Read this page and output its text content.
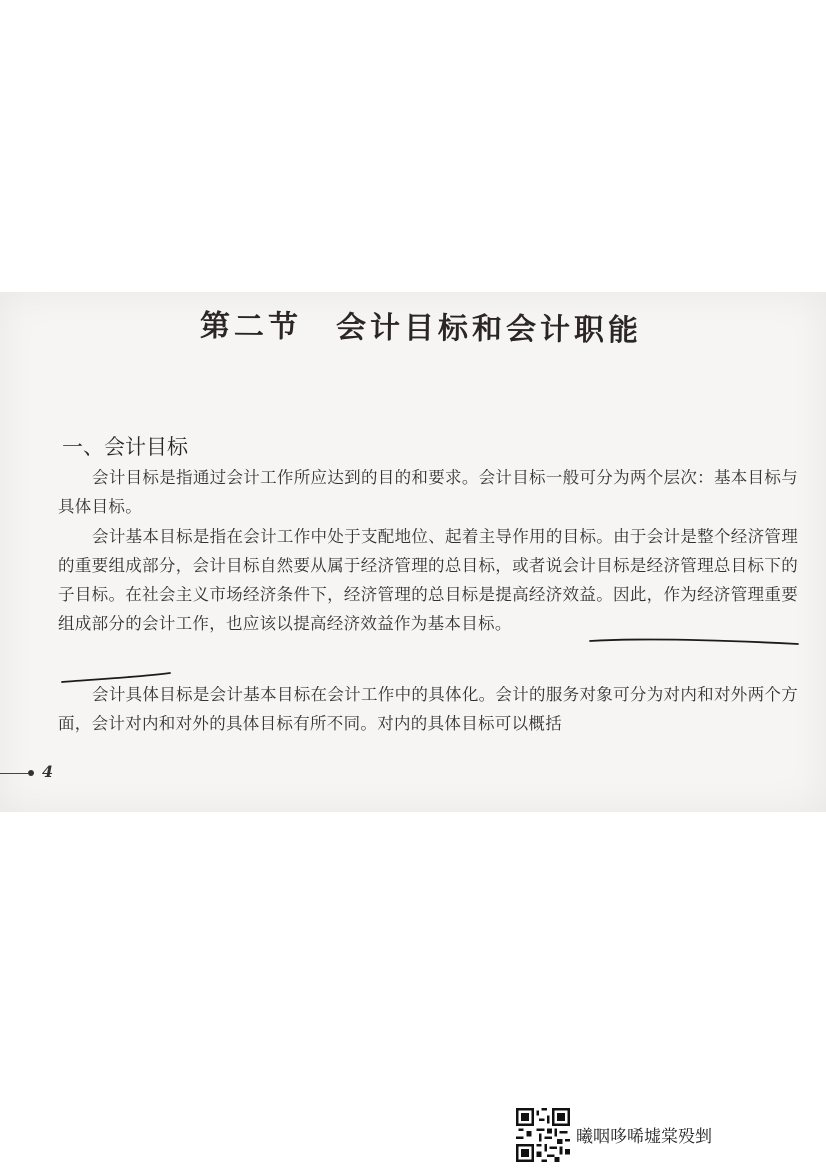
第二节 会计目标和会计职能
一、会计目标

会计目标是指通过会计工作所应达到的目的和要求。会计目标一般可分为两个层次：基本目标与具体目标。

会计基本目标是指在会计工作中处于支配地位、起着主导作用的目标。由于会计是整个经济管理的重要组成部分，会计目标自然要从属于经济管理的总目标，或者说会计目标是经济管理总目标下的子目标。在社会主义市场经济条件下，经济管理的总目标是提高经济效益。因此，作为经济管理重要组成部分的会计工作，也应该以提高经济效益作为基本目标。

会计具体目标是会计基本目标在会计工作中的具体化。会计的服务对象可分为对内和对外两个方面，会计对内和对外的具体目标有所不同。对内的具体目标可以概括

4
曦咽哆唏墟棠殁剉
